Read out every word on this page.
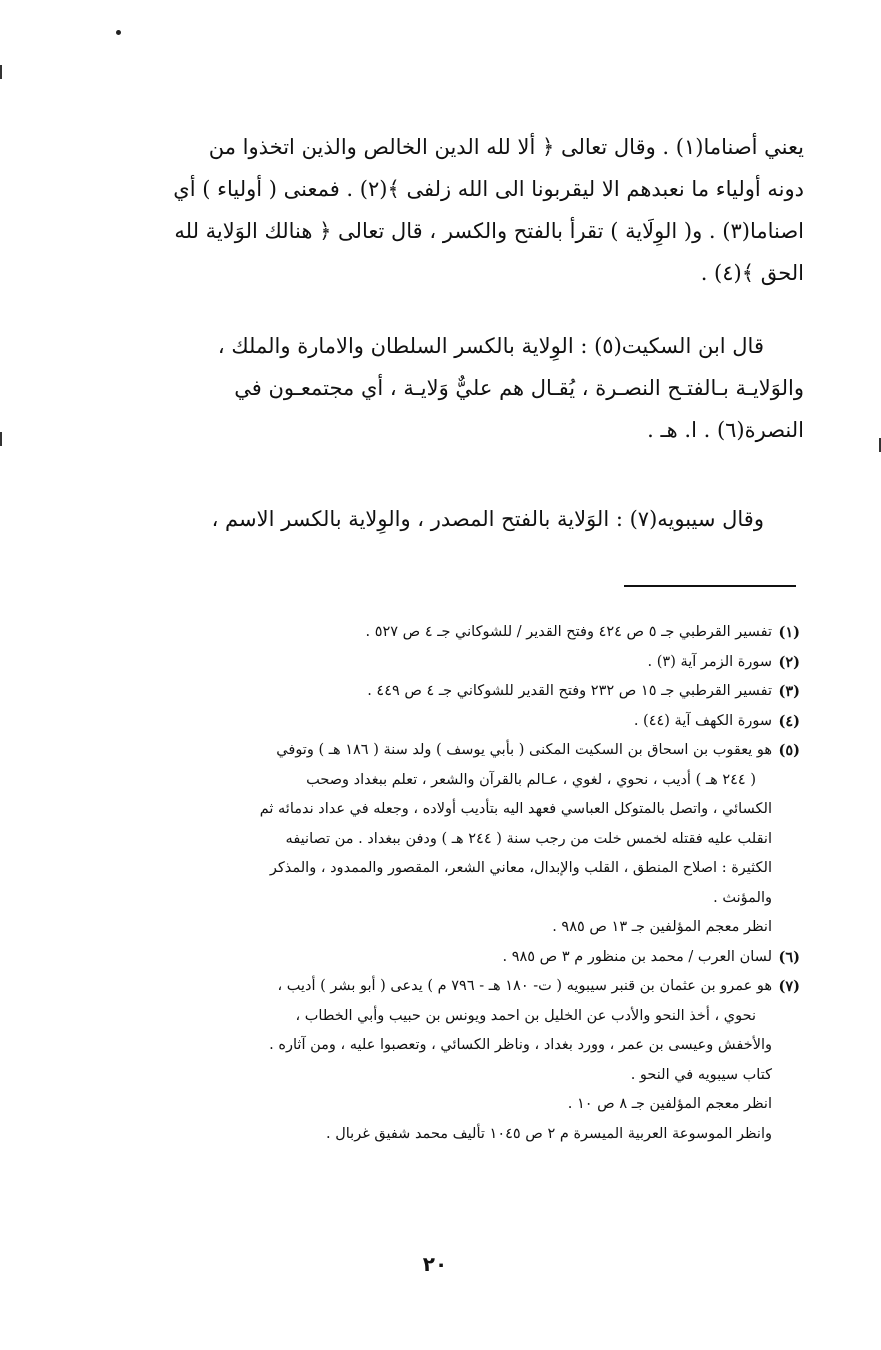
يعني أصناما(١) . وقال تعالى ﴿ ألا لله الدين الخالص والذين اتخذوا من
دونه أولياء ما نعبدهم الا ليقربونا الى الله زلفى ﴾(٢) . فمعنى ( أولياء ) أي
اصناما(٣) . و( الوِلَاية ) تقرأ بالفتح والكسر ، قال تعالى ﴿ هنالك الوَلاية لله
الحق ﴾(٤) .
قال ابن السكيت(٥) : الوِلاية بالكسر السلطان والامارة والملك ،
والوَلايـة بـالفتـح النصـرة ، يُقـال هم عليٌّ وَلايـة ، أي مجتمعـون في
النصرة(٦) . ا. هـ .
وقال سيبويه(٧) : الوَلاية بالفتح المصدر ، والوِلاية بالكسر الاسم ،
(١)
تفسير القرطبي جـ ٥ ص ٤٢٤ وفتح القدير / للشوكاني جـ ٤ ص ٥٢٧ .
(٢)
سورة الزمر آية (٣) .
(٣)
تفسير القرطبي جـ ١٥ ص ٢٣٢ وفتح القدير للشوكاني جـ ٤ ص ٤٤٩ .
(٤)
سورة الكهف آية (٤٤) .
(٥)
هو يعقوب بن اسحاق بن السكيت المكنى ( بأبي يوسف ) ولد سنة ( ١٨٦ هـ ) وتوفي
( ٢٤٤ هـ ) أديب ، نحوي ، لغوي ، عـالم بالقرآن والشعر ، تعلم ببغداد وصحب
الكسائي ، واتصل بالمتوكل العباسي فعهد اليه بتأديب أولاده ، وجعله في عداد ندمائه ثم
انقلب عليه فقتله لخمس خلت من رجب سنة ( ٢٤٤ هـ ) ودفن ببغداد . من تصانيفه
الكثيرة : اصلاح المنطق ، القلب والإبدال، معاني الشعر، المقصور والممدود ، والمذكر
والمؤنث .
انظر معجم المؤلفين جـ ١٣ ص ٩٨٥ .
(٦)
لسان العرب / محمد بن منظور م ٣ ص ٩٨٥ .
(٧)
هو عمرو بن عثمان بن قنبر سيبويه ( ت- ١٨٠ هـ - ٧٩٦ م ) يدعى ( أبو بشر ) أديب ،
نحوي ، أخذ النحو والأدب عن الخليل بن احمد ويونس بن حبيب وأبي الخطاب ،
والأخفش وعيسى بن عمر ، وورد بغداد ، وناظر الكسائي ، وتعصبوا عليه ، ومن آثاره .
كتاب سيبويه في النحو .
انظر معجم المؤلفين جـ ٨ ص ١٠ .
وانظر الموسوعة العربية الميسرة م ٢ ص ١٠٤٥ تأليف محمد شفيق غربال .
٢٠
